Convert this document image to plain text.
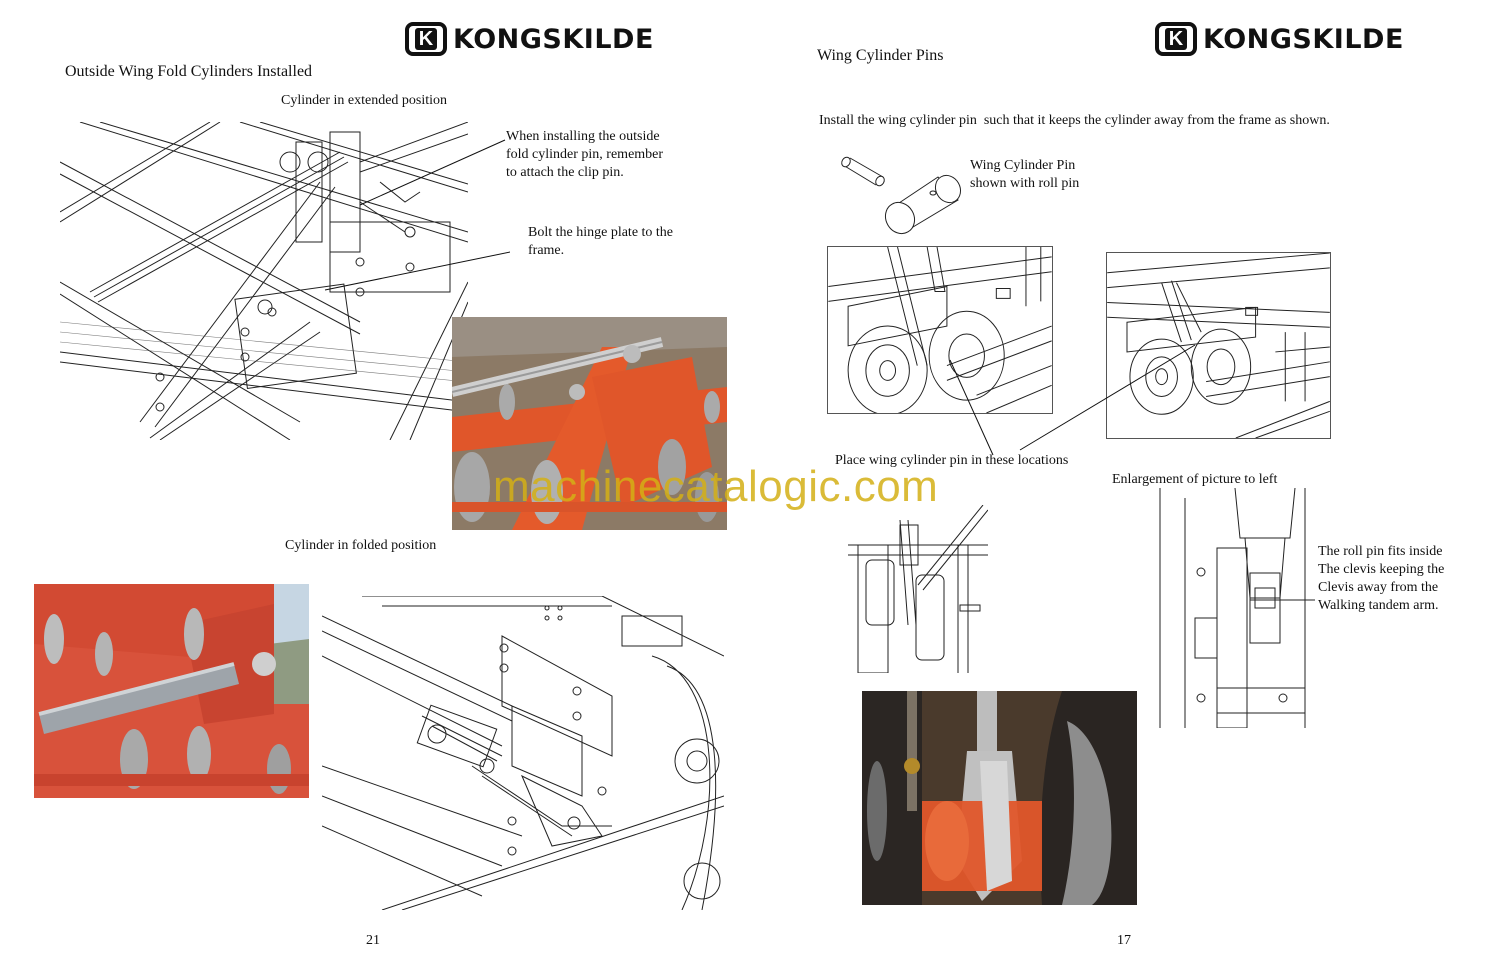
K KONGSKILDE
Outside Wing Fold Cylinders Installed
Cylinder in extended position
When installing the outside
fold cylinder pin, remember
to attach the clip pin.
Bolt the hinge plate to the
frame.
Cylinder in folded position
21
K KONGSKILDE
Wing Cylinder Pins
Install the wing cylinder pin  such that it keeps the cylinder away from the frame as shown.
Wing Cylinder Pin
shown with roll pin
Place wing cylinder pin in these locations
Enlargement of picture to left
The roll pin fits inside
The clevis keeping the
Clevis away from the
Walking tandem arm.
17
machinecatalogic.com
